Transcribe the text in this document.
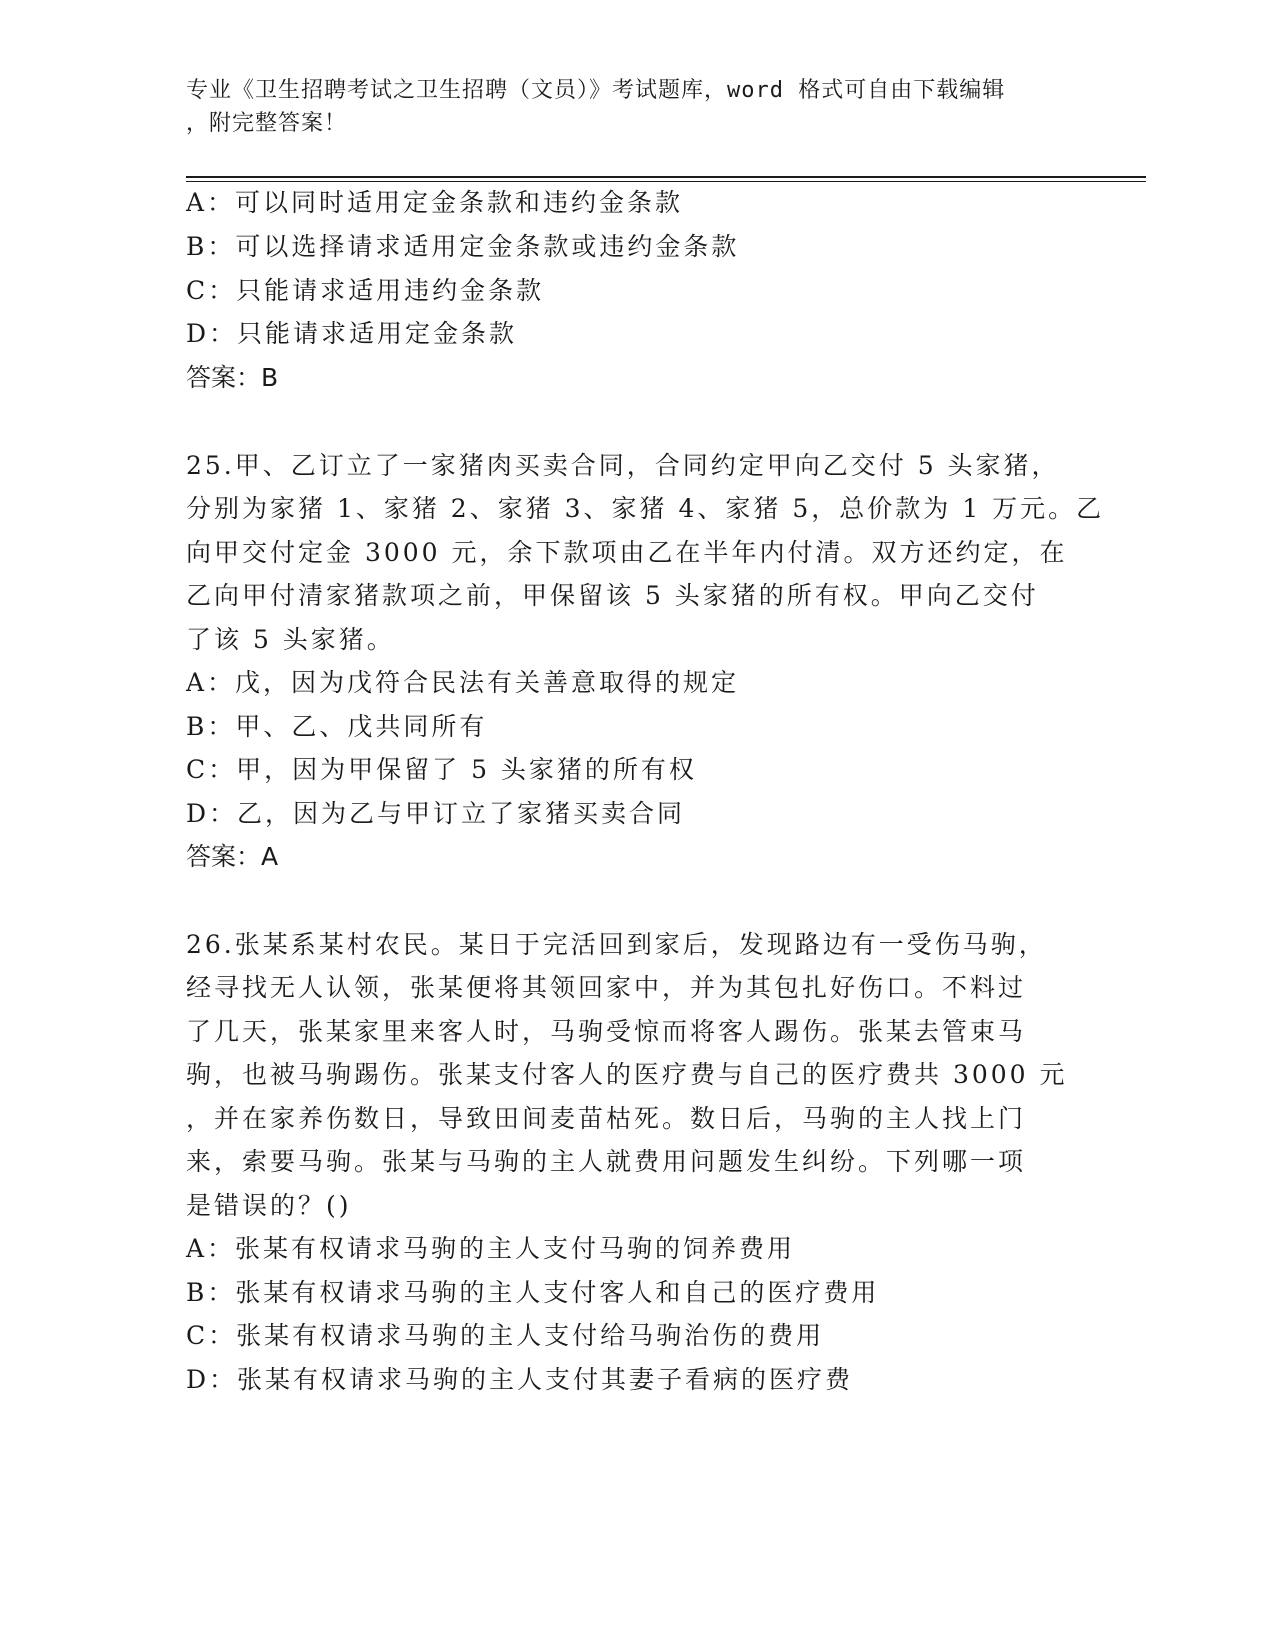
专业《卫生招聘考试之卫生招聘（文员）》考试题库，word 格式可自由下载编辑
，附完整答案！
A：可以同时适用定金条款和违约金条款
B：可以选择请求适用定金条款或违约金条款
C：只能请求适用违约金条款
D：只能请求适用定金条款
答案：B
25.甲、乙订立了一家猪肉买卖合同，合同约定甲向乙交付 5 头家猪，
分别为家猪 1、家猪 2、家猪 3、家猪 4、家猪 5，总价款为 1 万元。乙
向甲交付定金 3000 元，余下款项由乙在半年内付清。双方还约定，在
乙向甲付清家猪款项之前，甲保留该 5 头家猪的所有权。甲向乙交付
了该 5 头家猪。
A：戊，因为戊符合民法有关善意取得的规定
B：甲、乙、戊共同所有
C：甲，因为甲保留了 5 头家猪的所有权
D：乙，因为乙与甲订立了家猪买卖合同
答案：A
26.张某系某村农民。某日于完活回到家后，发现路边有一受伤马驹，
经寻找无人认领，张某便将其领回家中，并为其包扎好伤口。不料过
了几天，张某家里来客人时，马驹受惊而将客人踢伤。张某去管束马
驹，也被马驹踢伤。张某支付客人的医疗费与自己的医疗费共 3000 元
，并在家养伤数日，导致田间麦苗枯死。数日后，马驹的主人找上门
来，索要马驹。张某与马驹的主人就费用问题发生纠纷。下列哪一项
是错误的？()
A：张某有权请求马驹的主人支付马驹的饲养费用
B：张某有权请求马驹的主人支付客人和自己的医疗费用
C：张某有权请求马驹的主人支付给马驹治伤的费用
D：张某有权请求马驹的主人支付其妻子看病的医疗费
